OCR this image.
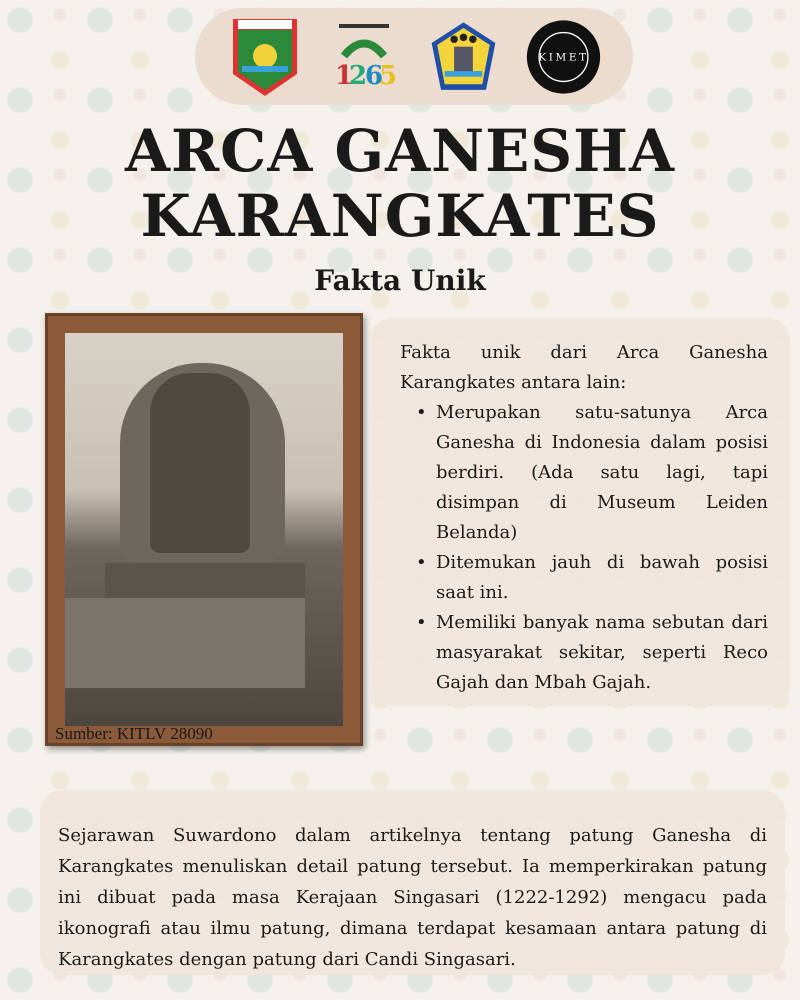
1
2
6
5
KIMET
ARCA GANESHA
KARANGKATES
Fakta Unik
Sumber: KITLV 28090

Fakta unik dari Arca Ganesha Karangkates antara lain:

• Merupakan satu-satunya Arca Ganesha di Indonesia dalam posisi berdiri. (Ada satu lagi, tapi disimpan di Museum Leiden Belanda)
• Ditemukan jauh di bawah posisi saat ini.
• Memiliki banyak nama sebutan dari masyarakat sekitar, seperti Reco Gajah dan Mbah Gajah.

Sejarawan Suwardono dalam artikelnya tentang patung Ganesha di Karangkates menuliskan detail patung tersebut. Ia memperkirakan patung ini dibuat pada masa Kerajaan Singasari (1222-1292) mengacu pada ikonografi atau ilmu patung, dimana terdapat kesamaan antara patung di Karangkates dengan patung dari Candi Singasari.
